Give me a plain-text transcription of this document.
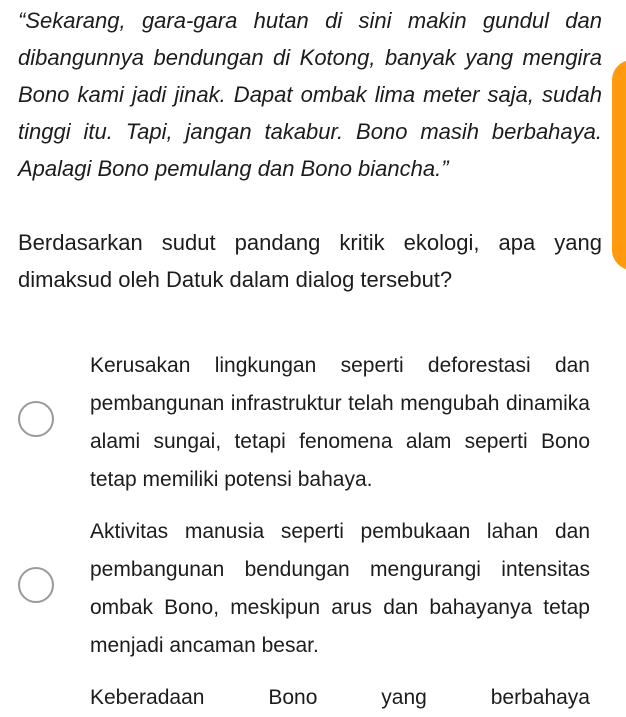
“Sekarang, gara-gara hutan di sini makin gundul dan dibangunnya bendungan di Kotong, banyak yang mengira Bono kami jadi jinak. Dapat ombak lima meter saja, sudah tinggi itu. Tapi, jangan takabur. Bono masih berbahaya. Apalagi Bono pemulang dan Bono biancha.”

Berdasarkan sudut pandang kritik ekologi, apa yang dimaksud oleh Datuk dalam dialog tersebut?

Kerusakan lingkungan seperti deforestasi dan pembangunan infrastruktur telah mengubah dinamika alami sungai, tetapi fenomena alam seperti Bono tetap memiliki potensi bahaya.

Aktivitas manusia seperti pembukaan lahan dan pembangunan bendungan mengurangi intensitas ombak Bono, meskipun arus dan bahayanya tetap menjadi ancaman besar.

Keberadaan Bono yang berbahaya
